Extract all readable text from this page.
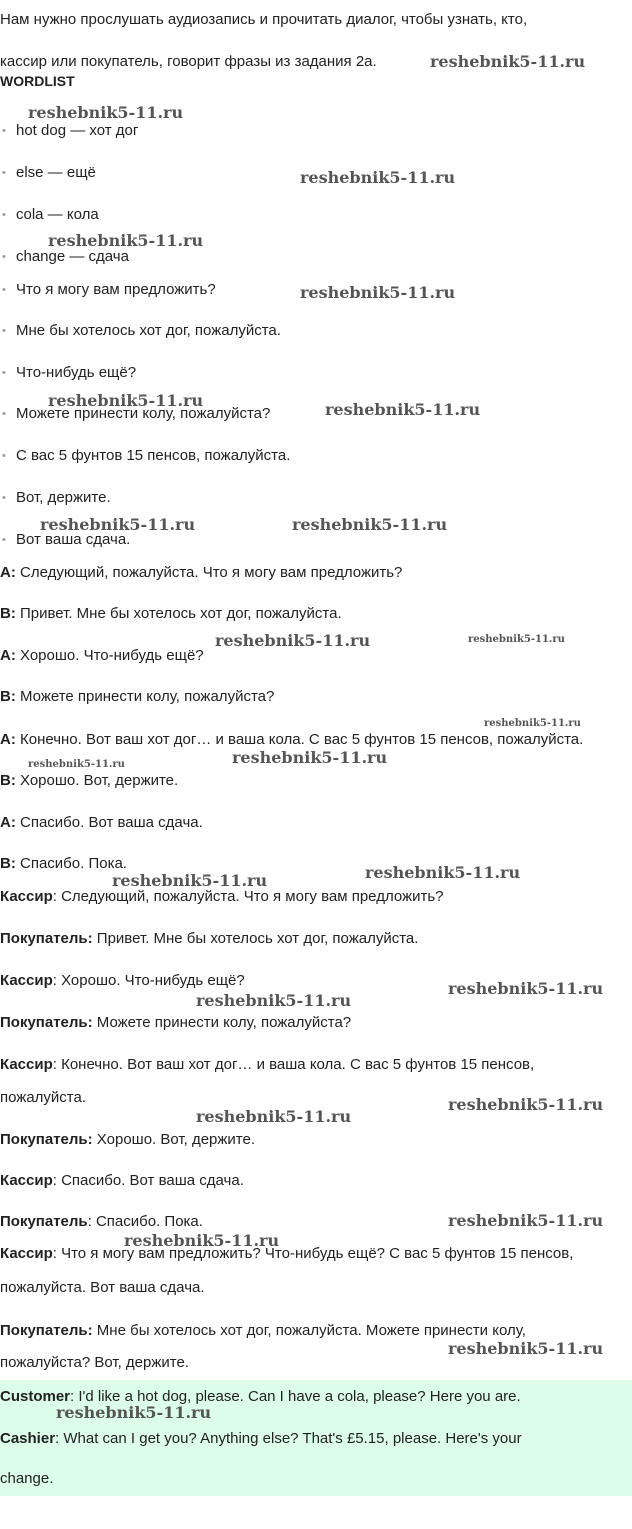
Нам нужно прослушать аудиозапись и прочитать диалог, чтобы узнать, кто,
кассир или покупатель, говорит фразы из задания 2a.
WORDLIST
• hot dog — хот дог
• else — ещё
• cola — кола
• change — сдача
• Что я могу вам предложить?
• Мне бы хотелось хот дог, пожалуйста.
• Что-нибудь ещё?
• Можете принести колу, пожалуйста?
• С вас 5 фунтов 15 пенсов, пожалуйста.
• Вот, держите.
• Вот ваша сдача.
A: Следующий, пожалуйста. Что я могу вам предложить?
B: Привет. Мне бы хотелось хот дог, пожалуйста.
A: Хорошо. Что-нибудь ещё?
B: Можете принести колу, пожалуйста?
A: Конечно. Вот ваш хот дог… и ваша кола. С вас 5 фунтов 15 пенсов, пожалуйста.
B: Хорошо. Вот, держите.
A: Спасибо. Вот ваша сдача.
B: Спасибо. Пока.
Кассир: Следующий, пожалуйста. Что я могу вам предложить?
Покупатель: Привет. Мне бы хотелось хот дог, пожалуйста.
Кассир: Хорошо. Что-нибудь ещё?
Покупатель: Можете принести колу, пожалуйста?
Кассир: Конечно. Вот ваш хот дог… и ваша кола. С вас 5 фунтов 15 пенсов,
пожалуйста.
Покупатель: Хорошо. Вот, держите.
Кассир: Спасибо. Вот ваша сдача.
Покупатель: Спасибо. Пока.
Кассир: Что я могу вам предложить? Что-нибудь ещё? С вас 5 фунтов 15 пенсов,
пожалуйста. Вот ваша сдача.
Покупатель: Мне бы хотелось хот дог, пожалуйста. Можете принести колу,
пожалуйста? Вот, держите.
Customer: I'd like a hot dog, please. Can I have a cola, please? Here you are.
Cashier: What can I get you? Anything else? That's £5.15, please. Here's your
change.
reshebnik5-11.ru
reshebnik5-11.ru
reshebnik5-11.ru
reshebnik5-11.ru
reshebnik5-11.ru
reshebnik5-11.ru	reshebnik5-11.ru
reshebnik5-11.ru	reshebnik5-11.ru
reshebnik5-11.ru	reshebnik5-11.ru
reshebnik5-11.ru
reshebnik5-11.ru	reshebnik5-11.ru
reshebnik5-11.ru
reshebnik5-11.ru
reshebnik5-11.ru
reshebnik5-11.ru
reshebnik5-11.ru
reshebnik5-11.ru
reshebnik5-11.ru
reshebnik5-11.ru
reshebnik5-11.ru
reshebnik5-11.ru
